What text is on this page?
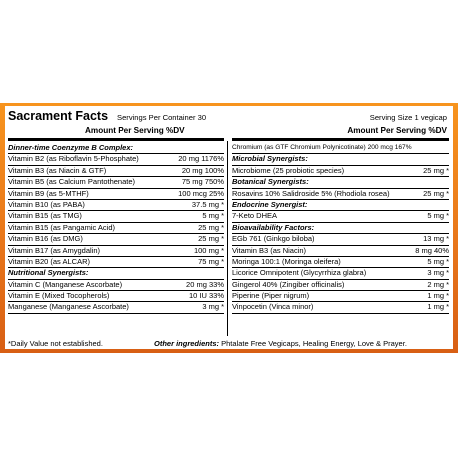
Sacrament Facts Servings Per Container 30	Serving Size 1 vegicap
Amount Per Serving %DV	Amount Per Serving %DV
Dinner-time Coenzyme B Complex:
Vitamin B2 (as Riboflavin 5-Phosphate)	20 mg 1176%
Vitamin B3 (as Niacin & GTF)	20 mg 100%
Vitamin B5 (as Calcium Pantothenate)	75 mg 750%
Vitamin B9 (as 5-MTHF)	100 mcg 25%
Vitamin B10 (as PABA)	37.5 mg *
Vitamin B15 (as TMG)	5 mg *
Vitamin B15 (as Pangamic Acid)	25 mg *
Vitamin B16 (as DMG)	25 mg *
Vitamin B17 (as Amygdalin)	100 mg *
Vitamin B20 (as ALCAR)	75 mg *
Nutritional Synergists:
Vitamin C (Manganese Ascorbate)	20 mg 33%
Vitamin E (Mixed Tocopherols)	10 IU 33%
Manganese (Manganese Ascorbate)	3 mg *
Chromium (as GTF Chromium Polynicotinate) 200 mcg 167%
Microbial Synergists:
Microbiome (25 probiotic species)	25 mg *
Botanical Synergists:
Rosavins 10% Salidroside 5% (Rhodiola rosea)	25 mg *
Endocrine Synergist:
7-Keto DHEA	5 mg *
Bioavailability Factors:
EGb 761 (Ginkgo biloba)	13 mg *
Vitamin B3 (as Niacin)	8 mg 40%
Moringa 100:1 (Moringa oleifera)	5 mg *
Licorice Omnipotent (Glycyrrhiza glabra)	3 mg *
Gingerol 40% (Zingiber officinalis)	2 mg *
Piperine (Piper nigrum)	1 mg *
Vinpocetin (Vinca minor)	1 mg *
*Daily Value not established.	Other ingredients: Phtalate Free Vegicaps, Healing Energy, Love & Prayer.
